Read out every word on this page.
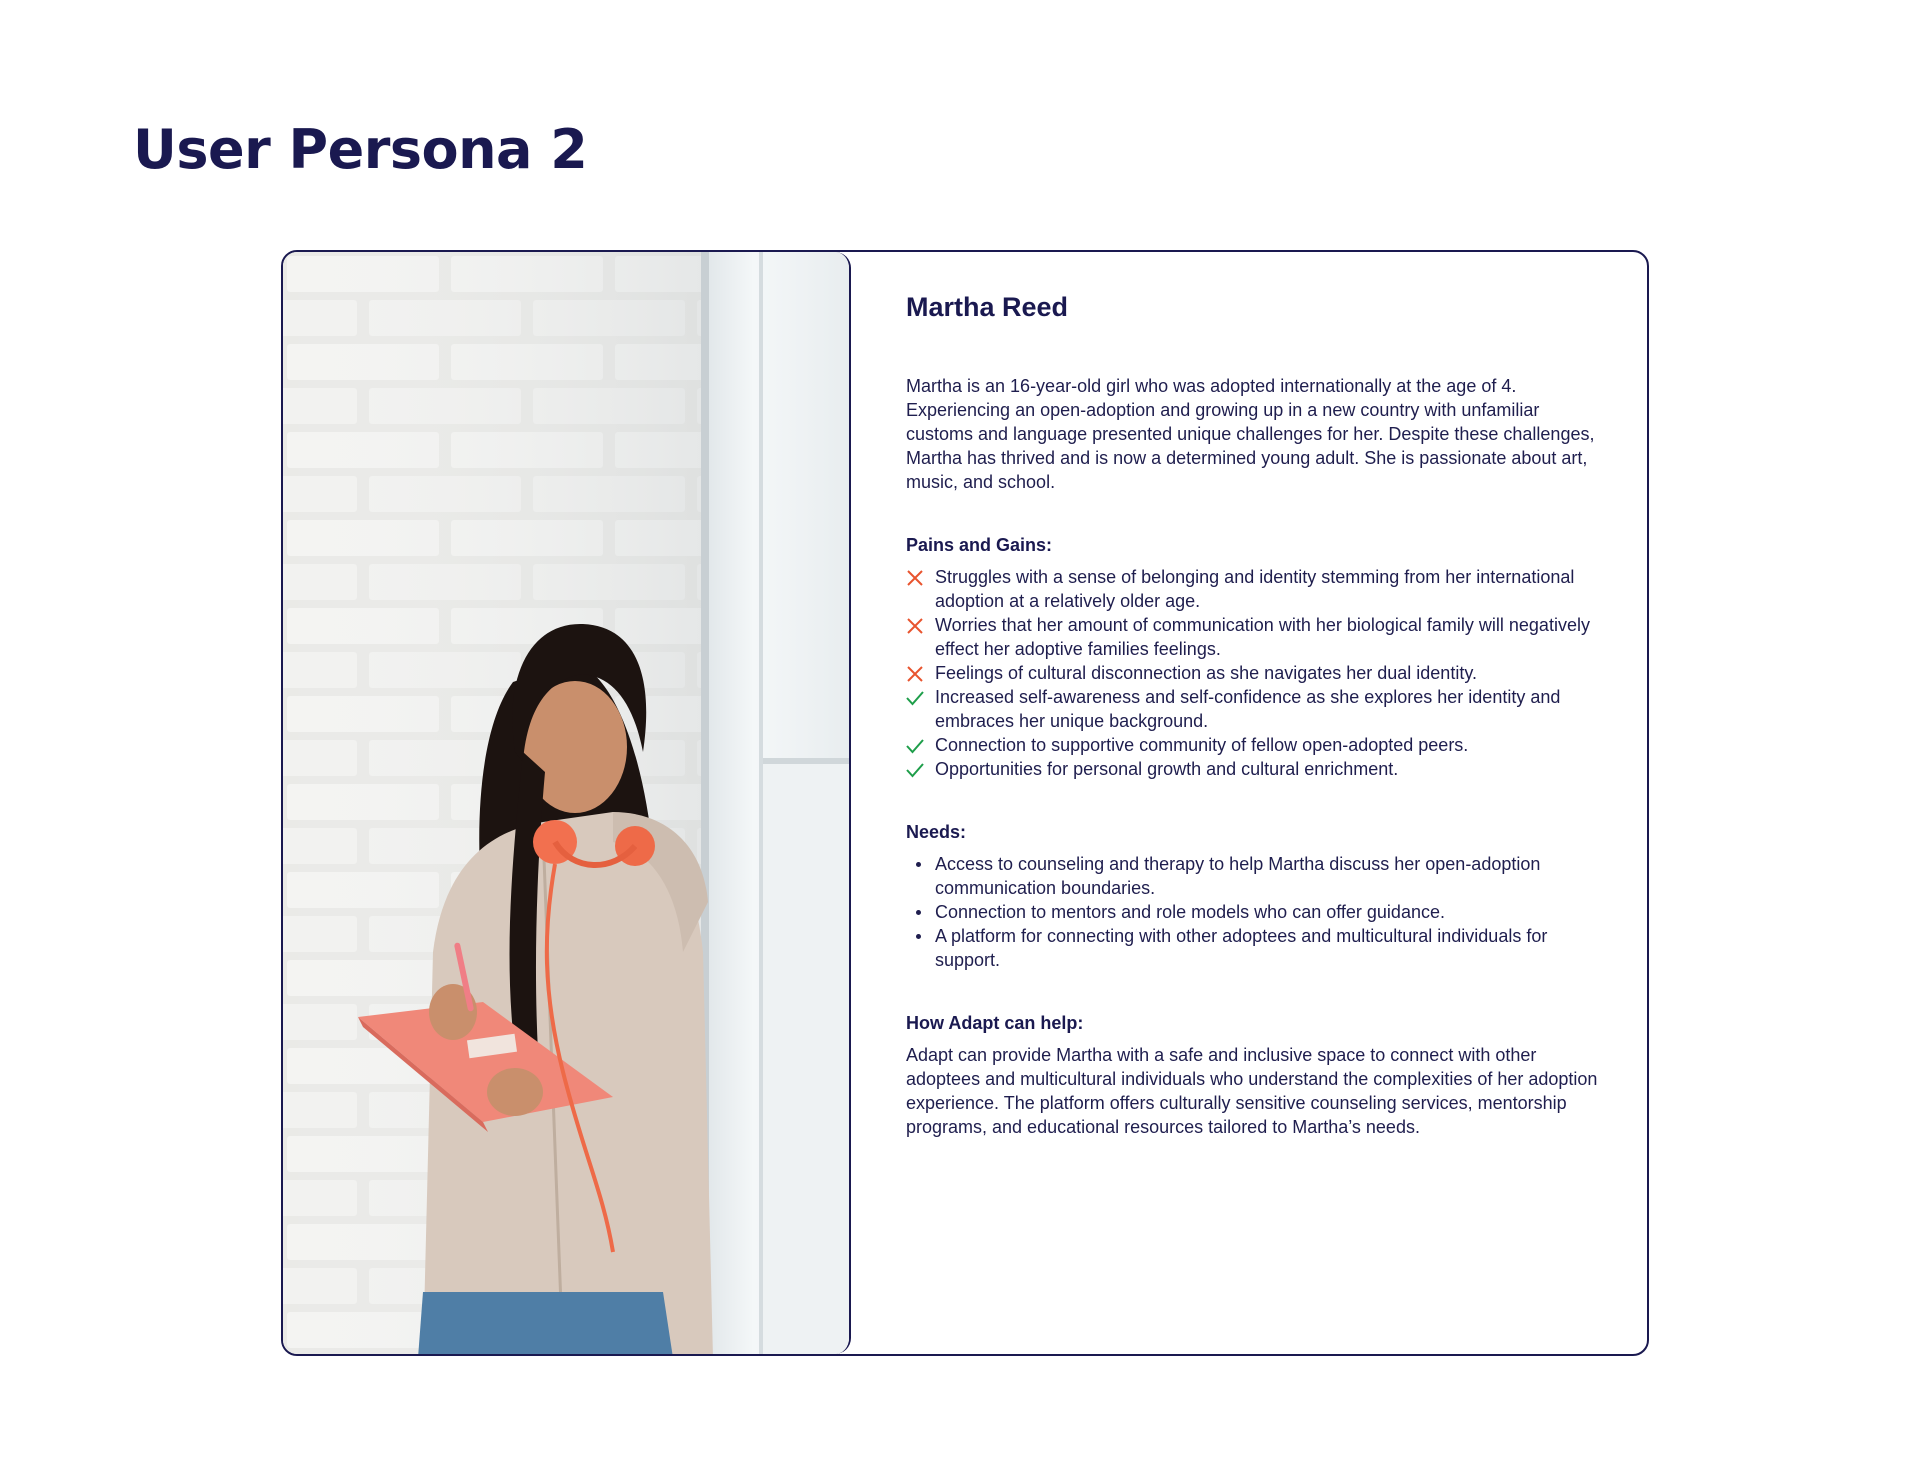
User Persona 2
Martha Reed

Martha is an 16-year-old girl who was adopted internationally at the age of 4. Experiencing an open-adoption and growing up in a new country with unfamiliar customs and language presented unique challenges for her. Despite these challenges, Martha has thrived and is now a determined young adult. She is passionate about art, music, and school.

Pains and Gains:
Struggles with a sense of belonging and identity stemming from her international adoption at a relatively older age.
Worries that her amount of communication with her biological family will negatively effect her adoptive families feelings.
Feelings of cultural disconnection as she navigates her dual identity.
Increased self-awareness and self-confidence as she explores her identity and embraces her unique background.
Connection to supportive community of fellow open-adopted peers.
Opportunities for personal growth and cultural enrichment.
Needs:
Access to counseling and therapy to help Martha discuss her open-adoption communication boundaries.
Connection to mentors and role models who can offer guidance.
A platform for connecting with other adoptees and multicultural individuals for support.
How Adapt can help:

Adapt can provide Martha with a safe and inclusive space to connect with other adoptees and multicultural individuals who understand the complexities of her adoption experience. The platform offers culturally sensitive counseling services, mentorship programs, and educational resources tailored to Martha’s needs.
